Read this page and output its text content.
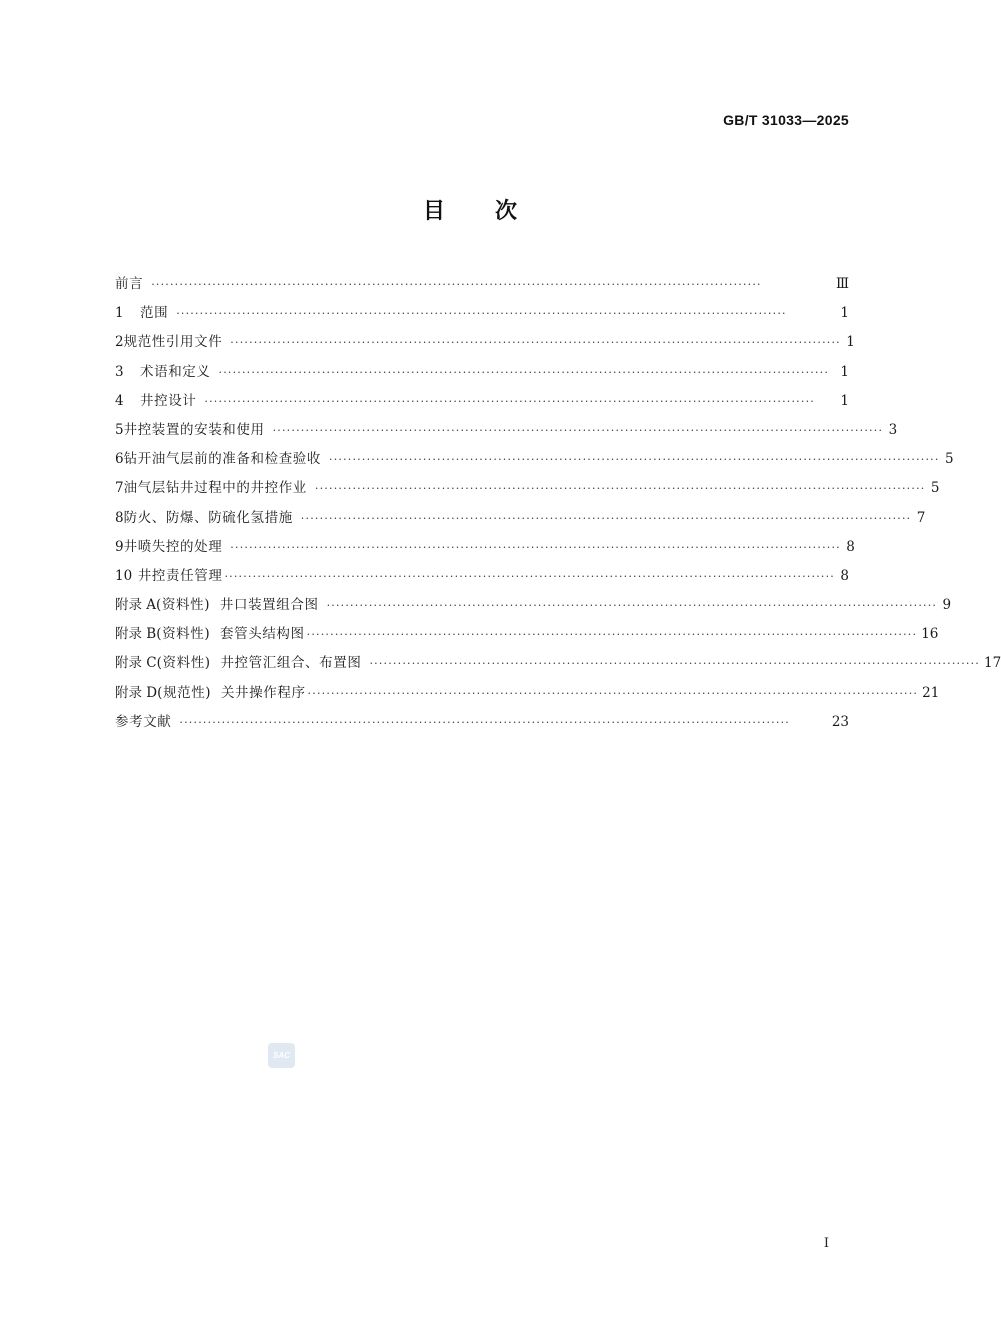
GB/T 31033—2025
目次
前言 ··································································································································	Ⅲ
1	范围 ··································································································································	1
2 规范性引用文件 ·································································································································· 1
3	术语和定义 ·································································································································· 1
4	井控设计 ··································································································································	1
5 井控装置的安装和使用 ·································································································································· 3
6 钻开油气层前的准备和检查验收 ·································································································································· 5
7 油气层钻井过程中的井控作业 ·································································································································· 5
8 防火、防爆、防硫化氢措施 ·································································································································· 7
9 井喷失控的处理 ·································································································································· 8
10 井控责任管理 ·································································································································· 8
附录 A (资料性)  井口装置组合图 ·································································································································· 9
附录 B (资料性)  套管头结构图 ·································································································································· 16
附录 C (资料性)  井控管汇组合、布置图 ·································································································································· 17
附录 D (规范性)  关井操作程序 ·································································································································· 21
参考文献 ··································································································································	23
SAC
Ⅰ
